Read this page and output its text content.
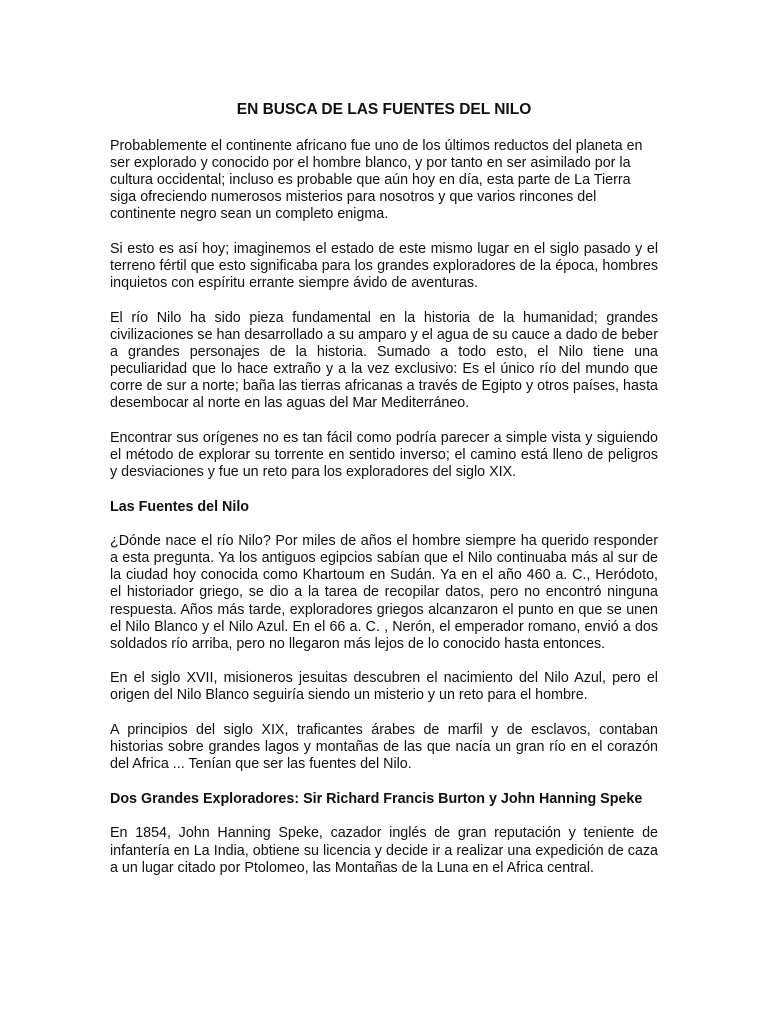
EN BUSCA DE LAS FUENTES DEL NILO

Probablemente el continente africano fue uno de los últimos reductos del planeta en ser explorado y conocido por el hombre blanco, y por tanto en ser asimilado por la cultura occidental; incluso es probable que aún hoy en día, esta parte de La Tierra siga ofreciendo numerosos misterios para nosotros y que varios rincones del continente negro sean un completo enigma.

Si esto es así hoy; imaginemos el estado de este mismo lugar en el siglo pasado y el terreno fértil que esto significaba para los grandes exploradores de la época, hombres inquietos con espíritu errante siempre ávido de aventuras.

El río Nilo ha sido pieza fundamental en la historia de la humanidad; grandes civilizaciones se han desarrollado a su amparo y el agua de su cauce a dado de beber a grandes personajes de la historia. Sumado a todo esto, el Nilo tiene una peculiaridad que lo hace extraño y a la vez exclusivo: Es el único río del mundo que corre de sur a norte; baña las tierras africanas a través de Egipto y otros países, hasta desembocar al norte en las aguas del Mar Mediterráneo.

Encontrar sus orígenes no es tan fácil como podría parecer a simple vista y siguiendo el método de explorar su torrente en sentido inverso; el camino está lleno de peligros y desviaciones y fue un reto para los exploradores del siglo XIX.

Las Fuentes del Nilo

¿Dónde nace el río Nilo? Por miles de años el hombre siempre ha querido responder a esta pregunta. Ya los antiguos egipcios sabían que el Nilo continuaba más al sur de la ciudad hoy conocida como Khartoum en Sudán. Ya en el año 460 a. C., Heródoto, el historiador griego, se dio a la tarea de recopilar datos, pero no encontró ninguna respuesta. Años más tarde, exploradores griegos alcanzaron el punto en que se unen el Nilo Blanco y el Nilo Azul. En el 66 a. C. , Nerón, el emperador romano, envió a dos soldados río arriba, pero no llegaron más lejos de lo conocido hasta entonces.

En el siglo XVII, misioneros jesuitas descubren el nacimiento del Nilo Azul, pero el origen del Nilo Blanco seguiría siendo un misterio y un reto para el hombre.

A principios del siglo XIX, traficantes árabes de marfil y de esclavos, contaban historias sobre grandes lagos y montañas de las que nacía un gran río en el corazón del Africa ... Tenían que ser las fuentes del Nilo.

Dos Grandes Exploradores: Sir Richard Francis Burton y John Hanning Speke

En 1854, John Hanning Speke, cazador inglés de gran reputación y teniente de infantería en La India, obtiene su licencia y decide ir a realizar una expedición de caza a un lugar citado por Ptolomeo, las Montañas de la Luna en el Africa central.
